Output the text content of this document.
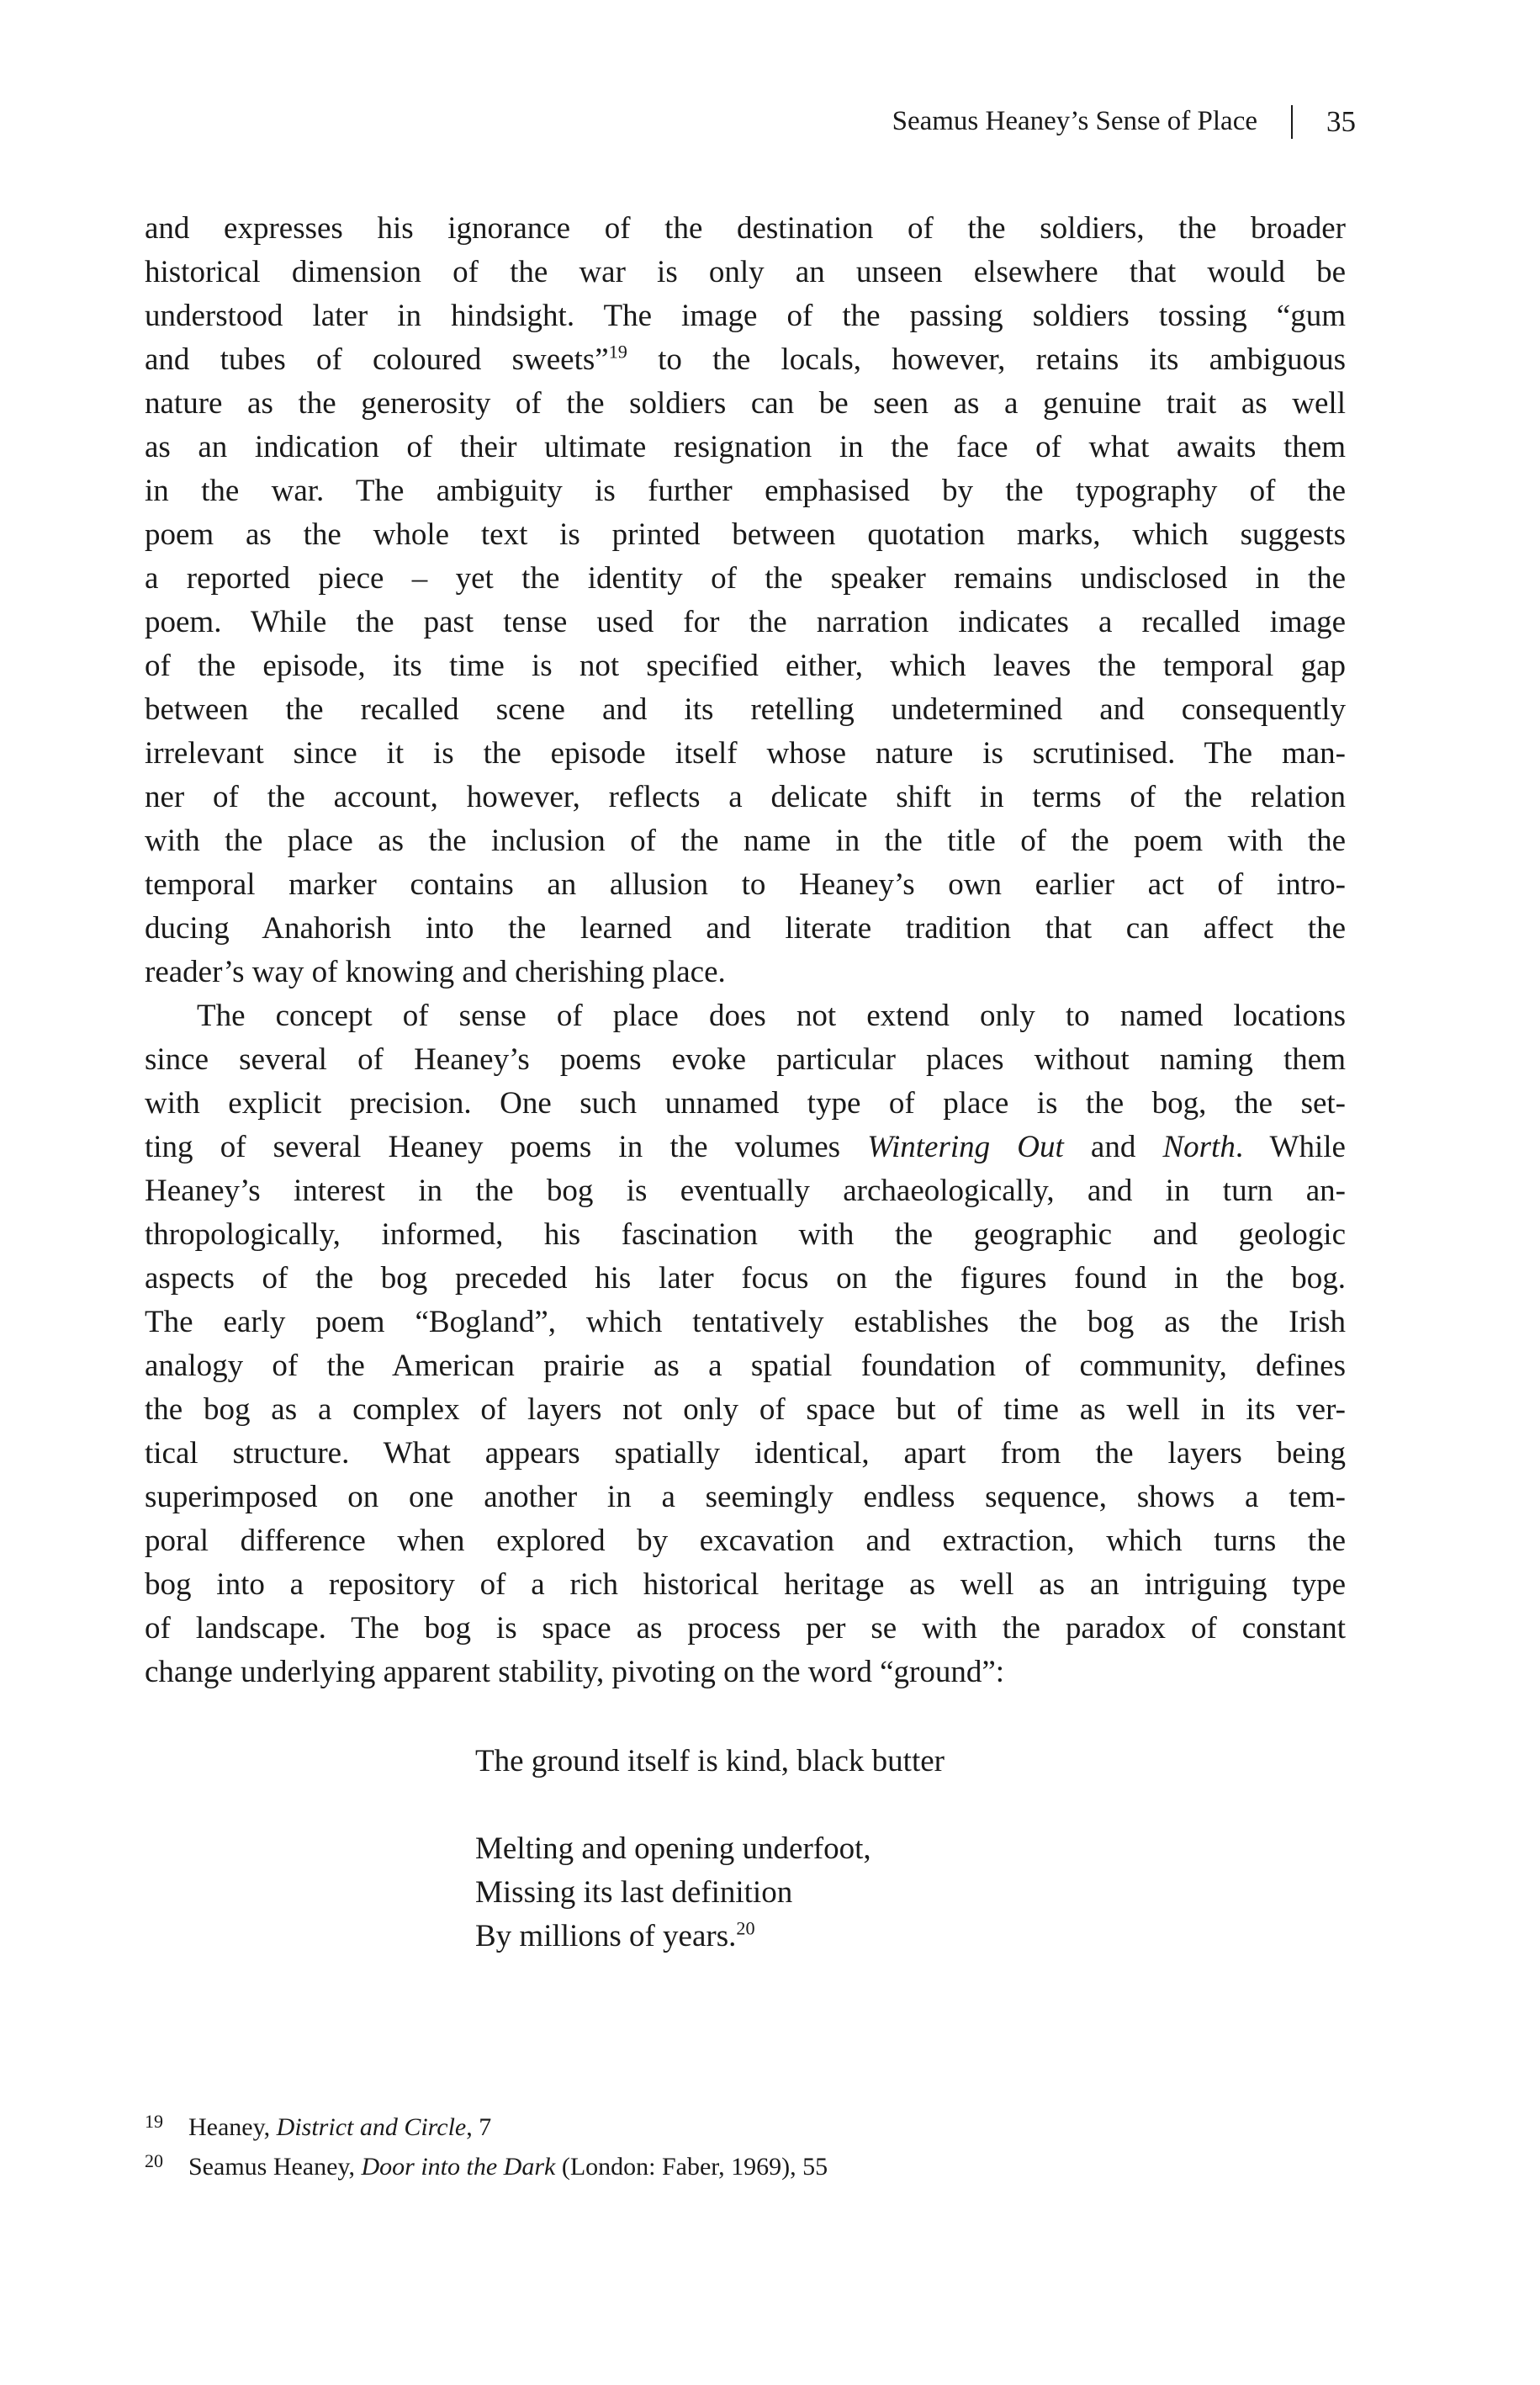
Seamus Heaney’s Sense of Place 35
and expresses his ignorance of the destination of the soldiers, the broader
historical dimension of the war is only an unseen elsewhere that would be
understood later in hindsight. The image of the passing soldiers tossing “gum
and tubes of coloured sweets”$^{19}$ to the locals, however, retains its ambiguous
nature as the generosity of the soldiers can be seen as a genuine trait as well
as an indication of their ultimate resignation in the face of what awaits them
in the war. The ambiguity is further emphasised by the typography of the
poem as the whole text is printed between quotation marks, which suggests
a reported piece – yet the identity of the speaker remains undisclosed in the
poem. While the past tense used for the narration indicates a recalled image
of the episode, its time is not specified either, which leaves the temporal gap
between the recalled scene and its retelling undetermined and consequently
irrelevant since it is the episode itself whose nature is scrutinised. The man-
ner of the account, however, reflects a delicate shift in terms of the relation
with the place as the inclusion of the name in the title of the poem with the
temporal marker contains an allusion to Heaney’s own earlier act of intro-
ducing Anahorish into the learned and literate tradition that can affect the
reader’s way of knowing and cherishing place.
The concept of sense of place does not extend only to named locations
since several of Heaney’s poems evoke particular places without naming them
with explicit precision. One such unnamed type of place is the bog, the set-
ting of several Heaney poems in the volumes Wintering Out and North. While
Heaney’s interest in the bog is eventually archaeologically, and in turn an-
thropologically, informed, his fascination with the geographic and geologic
aspects of the bog preceded his later focus on the figures found in the bog.
The early poem “Bogland”, which tentatively establishes the bog as the Irish
analogy of the American prairie as a spatial foundation of community, defines
the bog as a complex of layers not only of space but of time as well in its ver-
tical structure. What appears spatially identical, apart from the layers being
superimposed on one another in a seemingly endless sequence, shows a tem-
poral difference when explored by excavation and extraction, which turns the
bog into a repository of a rich historical heritage as well as an intriguing type
of landscape. The bog is space as process per se with the paradox of constant
change underlying apparent stability, pivoting on the word “ground”:
The ground itself is kind, black butter
Melting and opening underfoot,
Missing its last definition
By millions of years.$^{20}$
19 Heaney, District and Circle, 7
20 Seamus Heaney, Door into the Dark (London: Faber, 1969), 55
